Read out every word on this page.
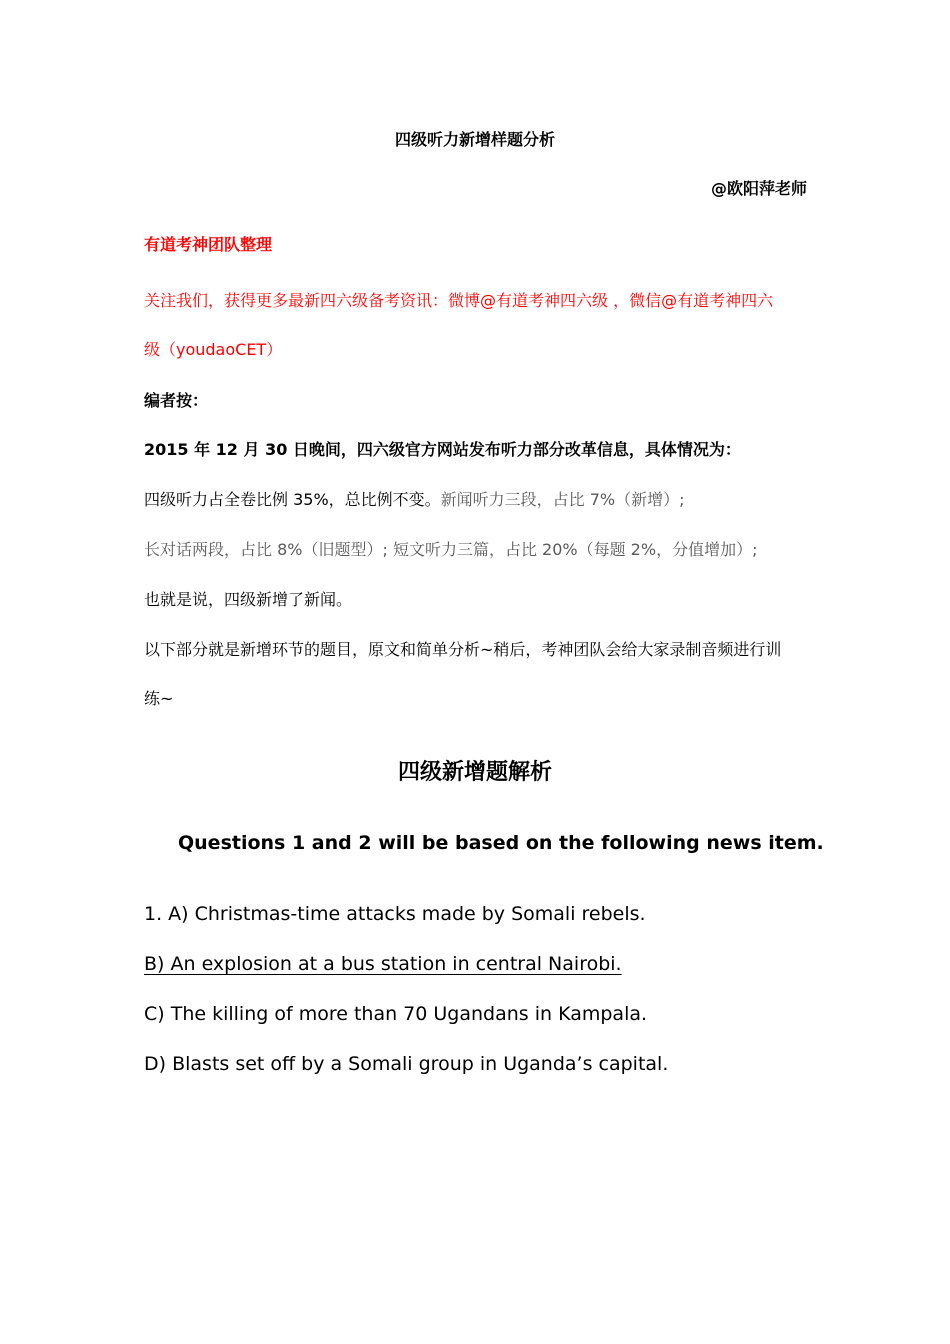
四级听力新增样题分析
@欧阳萍老师
有道考神团队整理
关注我们，获得更多最新四六级备考资讯：微博@有道考神四六级 ，微信@有道考神四六
级（youdaoCET）
编者按：
2015 年 12 月 30 日晚间，四六级官方网站发布听力部分改革信息，具体情况为：
四级听力占全卷比例 35%，总比例不变。新闻听力三段，占比 7%（新增）;
长对话两段，占比 8%（旧题型）; 短文听力三篇，占比 20%（每题 2%，分值增加）;
也就是说，四级新增了新闻。
以下部分就是新增环节的题目，原文和简单分析~稍后，考神团队会给大家录制音频进行训
练~
四级新增题解析
Questions 1 and 2 will be based on the following news item.
1. A) Christmas-time attacks made by Somali rebels.
B) An explosion at a bus station in central Nairobi.
C) The killing of more than 70 Ugandans in Kampala.
D) Blasts set off by a Somali group in Uganda’s capital.
